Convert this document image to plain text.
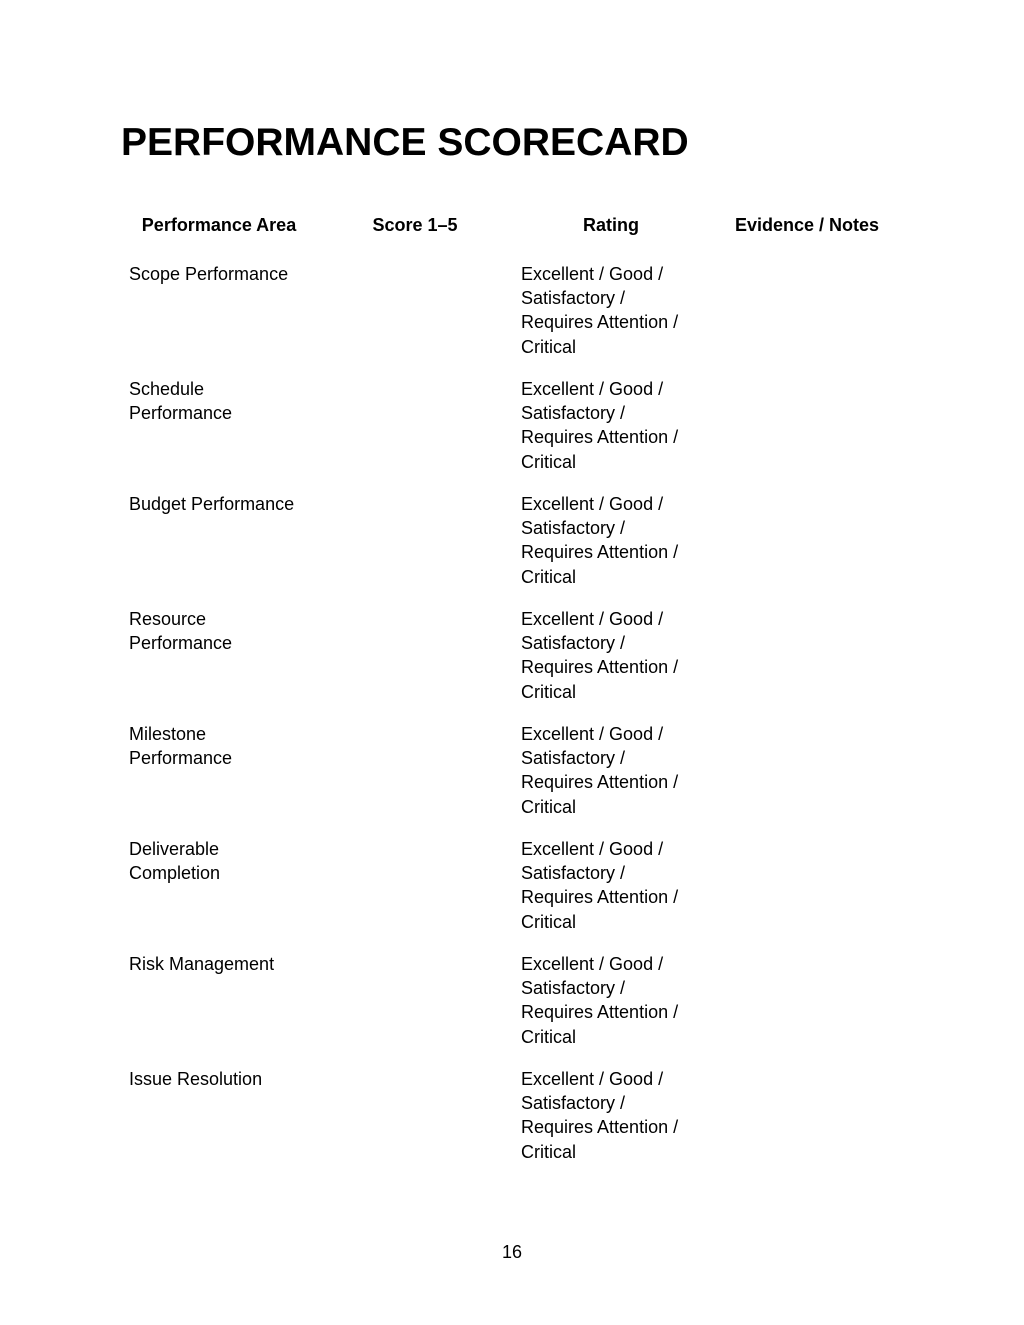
PERFORMANCE SCORECARD
Performance Area	Score 1–5	Rating	Evidence / Notes
Scope Performance		Excellent / Good / Satisfactory / Requires Attention / Critical	
Schedule Performance		Excellent / Good / Satisfactory / Requires Attention / Critical	
Budget Performance		Excellent / Good / Satisfactory / Requires Attention / Critical	
Resource Performance		Excellent / Good / Satisfactory / Requires Attention / Critical	
Milestone Performance		Excellent / Good / Satisfactory / Requires Attention / Critical	
Deliverable Completion		Excellent / Good / Satisfactory / Requires Attention / Critical	
Risk Management		Excellent / Good / Satisfactory / Requires Attention / Critical	
Issue Resolution		Excellent / Good / Satisfactory / Requires Attention / Critical	
16
